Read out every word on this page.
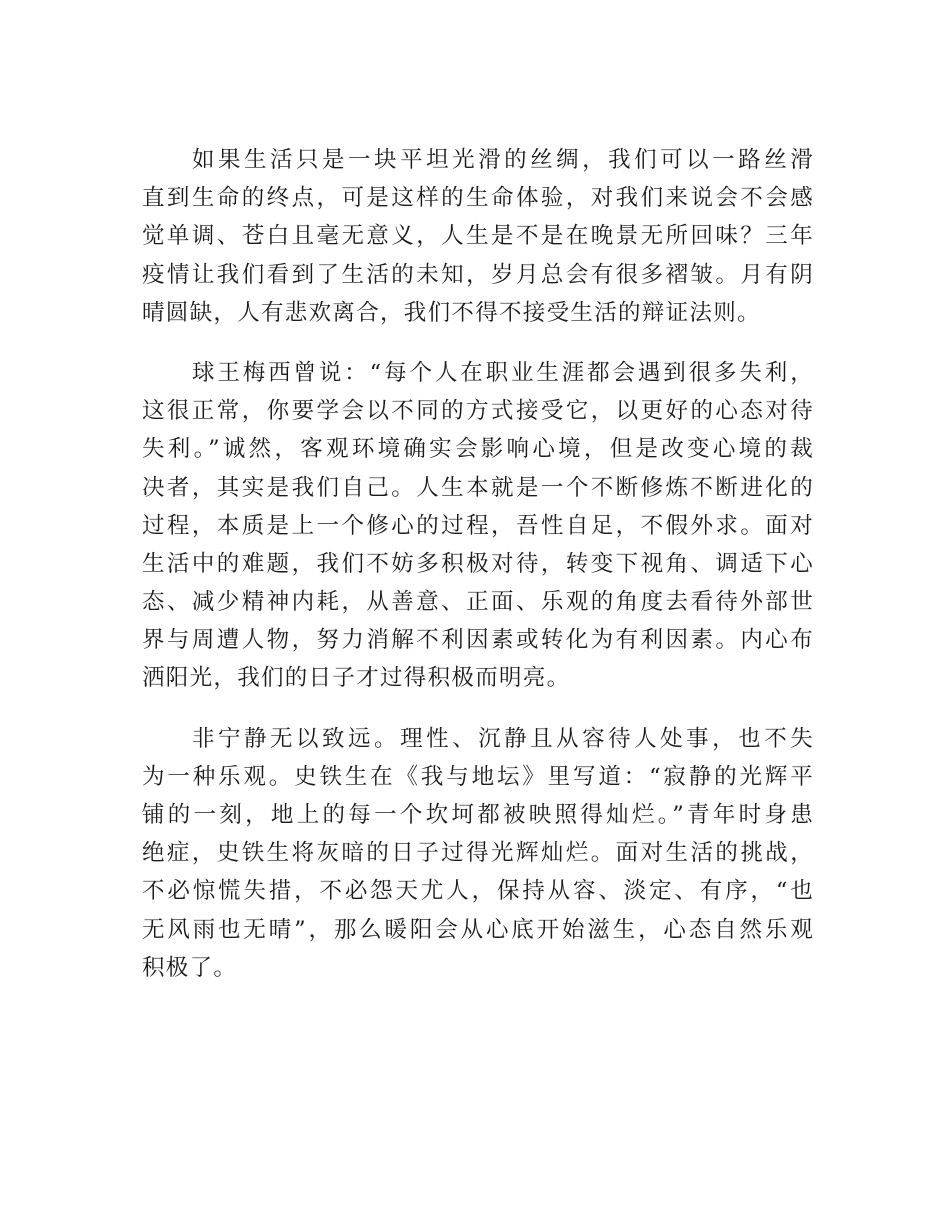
如果生活只是一块平坦光滑的丝绸，我们可以一路丝滑
直到生命的终点，可是这样的生命体验，对我们来说会不会感
觉单调、苍白且毫无意义，人生是不是在晚景无所回味？三年
疫情让我们看到了生活的未知，岁月总会有很多褶皱。月有阴
晴圆缺，人有悲欢离合，我们不得不接受生活的辩证法则。

球王梅西曾说：“每个人在职业生涯都会遇到很多失利，
这很正常，你要学会以不同的方式接受它，以更好的心态对待
失利。”诚然，客观环境确实会影响心境，但是改变心境的裁
决者，其实是我们自己。人生本就是一个不断修炼不断进化的
过程，本质是上一个修心的过程，吾性自足，不假外求。面对
生活中的难题，我们不妨多积极对待，转变下视角、调适下心
态、减少精神内耗，从善意、正面、乐观的角度去看待外部世
界与周遭人物，努力消解不利因素或转化为有利因素。内心布
洒阳光，我们的日子才过得积极而明亮。

非宁静无以致远。理性、沉静且从容待人处事，也不失
为一种乐观。史铁生在《我与地坛》里写道：“寂静的光辉平
铺的一刻，地上的每一个坎坷都被映照得灿烂。”青年时身患
绝症，史铁生将灰暗的日子过得光辉灿烂。面对生活的挑战，
不必惊慌失措，不必怨天尤人，保持从容、淡定、有序，“也
无风雨也无晴”，那么暖阳会从心底开始滋生，心态自然乐观
积极了。
